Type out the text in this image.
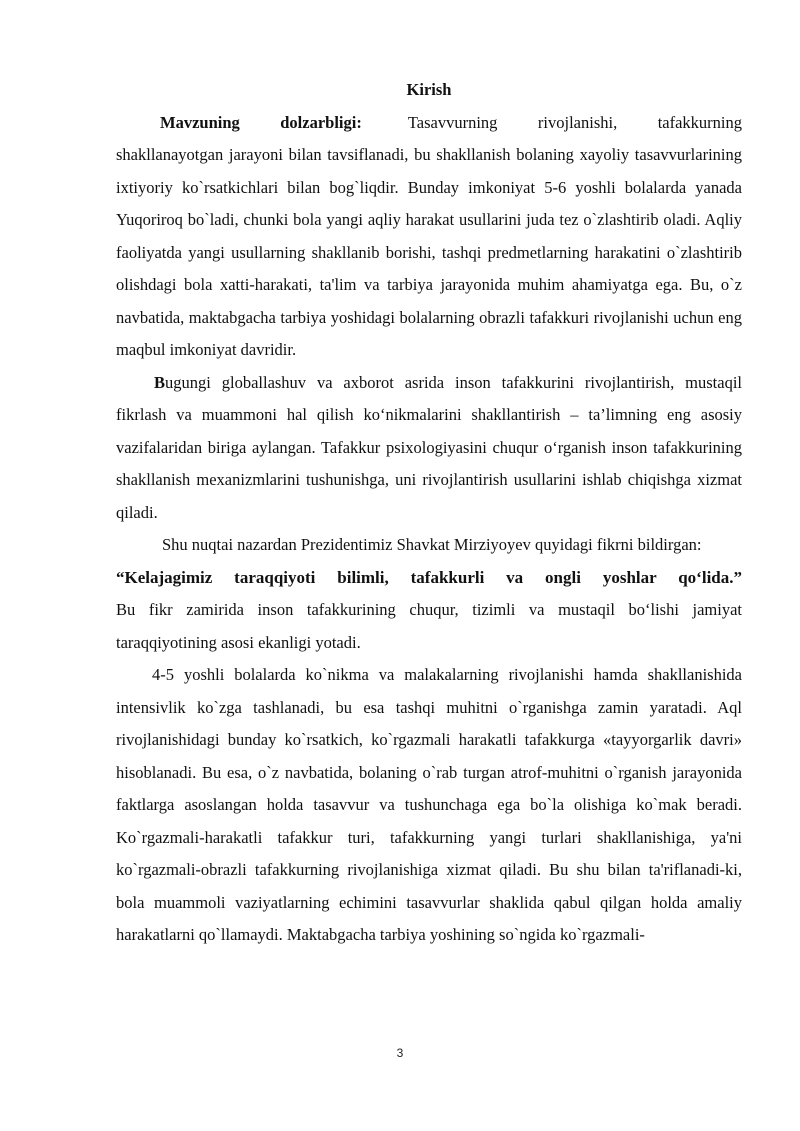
Kirish

Mavzuning dolzarbligi:	Tasavvurning rivojlanishi, tafakkurning shakllanayotgan jarayoni bilan tavsiflanadi, bu shakllanish bolaning xayoliy tasavvurlarining ixtiyoriy ko`rsatkichlari bilan bog`liqdir. Bunday imkoniyat 5-6 yoshli bolalarda yanada Yuqoriroq bo`ladi, chunki bola yangi aqliy harakat usullarini juda tez o`zlashtirib oladi. Aqliy faoliyatda yangi usullarning shakllanib borishi, tashqi predmetlarning harakatini o`zlashtirib olishdagi bola xatti-harakati, ta'lim va tarbiya jarayonida muhim ahamiyatga ega. Bu, o`z navbatida, maktabgacha tarbiya yoshidagi bolalarning obrazli tafakkuri rivojlanishi uchun eng maqbul imkoniyat davridir.

Bugungi globallashuv va axborot asrida inson tafakkurini rivojlantirish, mustaqil fikrlash va muammoni hal qilish ko‘nikmalarini shakllantirish – ta’limning eng asosiy vazifalaridan biriga aylangan. Tafakkur psixologiyasini chuqur o‘rganish inson tafakkurining shakllanish mexanizmlarini tushunishga, uni rivojlantirish usullarini ishlab chiqishga xizmat qiladi.

Shu nuqtai nazardan Prezidentimiz Shavkat Mirziyoyev quyidagi fikrni bildirgan:

“Kelajagimiz taraqqiyoti bilimli, tafakkurli va ongli yoshlar qo‘lida.”

Bu fikr zamirida inson tafakkurining chuqur, tizimli va mustaqil bo‘lishi jamiyat taraqqiyotining asosi ekanligi yotadi.

4-5 yoshli bolalarda ko`nikma va malakalarning rivojlanishi hamda shakllanishida intensivlik ko`zga tashlanadi, bu esa tashqi muhitni o`rganishga zamin yaratadi. Aql rivojlanishidagi bunday ko`rsatkich, ko`rgazmali harakatli tafakkurga «tayyorgarlik davri» hisoblanadi. Bu esa, o`z navbatida, bolaning o`rab turgan atrof-muhitni o`rganish jarayonida faktlarga asoslangan holda tasavvur va tushunchaga ega bo`la olishiga ko`mak beradi. Ko`rgazmali-harakatli tafakkur turi, tafakkurning yangi turlari shakllanishiga, ya'ni ko`rgazmali-obrazli tafakkurning rivojlanishiga xizmat qiladi. Bu shu bilan ta'riflanadi-ki, bola muammoli vaziyatlarning echimini tasavvurlar shaklida qabul qilgan holda amaliy harakatlarni qo`llamaydi. Maktabgacha tarbiya yoshining so`ngida ko`rgazmali-

3
